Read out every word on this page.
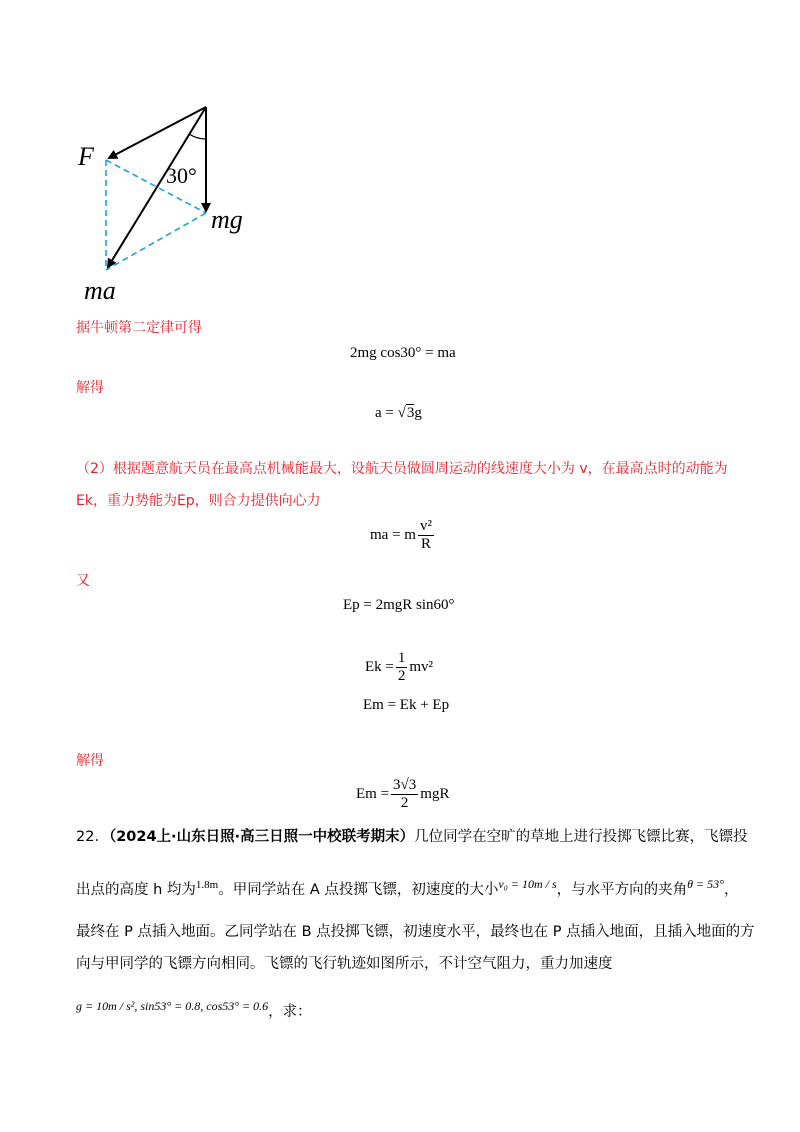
F
30°
mg
ma
据牛顿第二定律可得
2mg cos30° = ma
解得
a = √3g
（2）根据题意航天员在最高点机械能最大，设航天员做圆周运动的线速度大小为 v，在最高点时的动能为
Ek，重力势能为Ep，则合力提供向心力
ma = m $\frac{\text{v²}}{R}$
又
Ep = 2mgR sin60°
$Ek = \frac{1}{2} mv^2$
Em = Ek + Ep
解得
$Em = \frac{3√3}{2}$ mgR
22．（2024上·山东日照·高三日照一中校联考期末）几位同学在空旷的草地上进行投掷飞镖比赛，飞镖投
出点的高度 h 均为$^{1.8m}$。甲同学站在 A 点投掷飞镖，初速度的大小$^{v_0 = 10m / s}$，与水平方向的夹角$^{\theta = 53^\circ}$，
最终在 P 点插入地面。乙同学站在 B 点投掷飞镖，初速度水平，最终也在 P 点插入地面，且插入地面的方
向与甲同学的飞镖方向相同。飞镖的飞行轨迹如图所示，不计空气阻力，重力加速度
$^{g = 10m / s^2, sin53^\circ = 0.8, cos53^\circ = 0.6}$，求：
